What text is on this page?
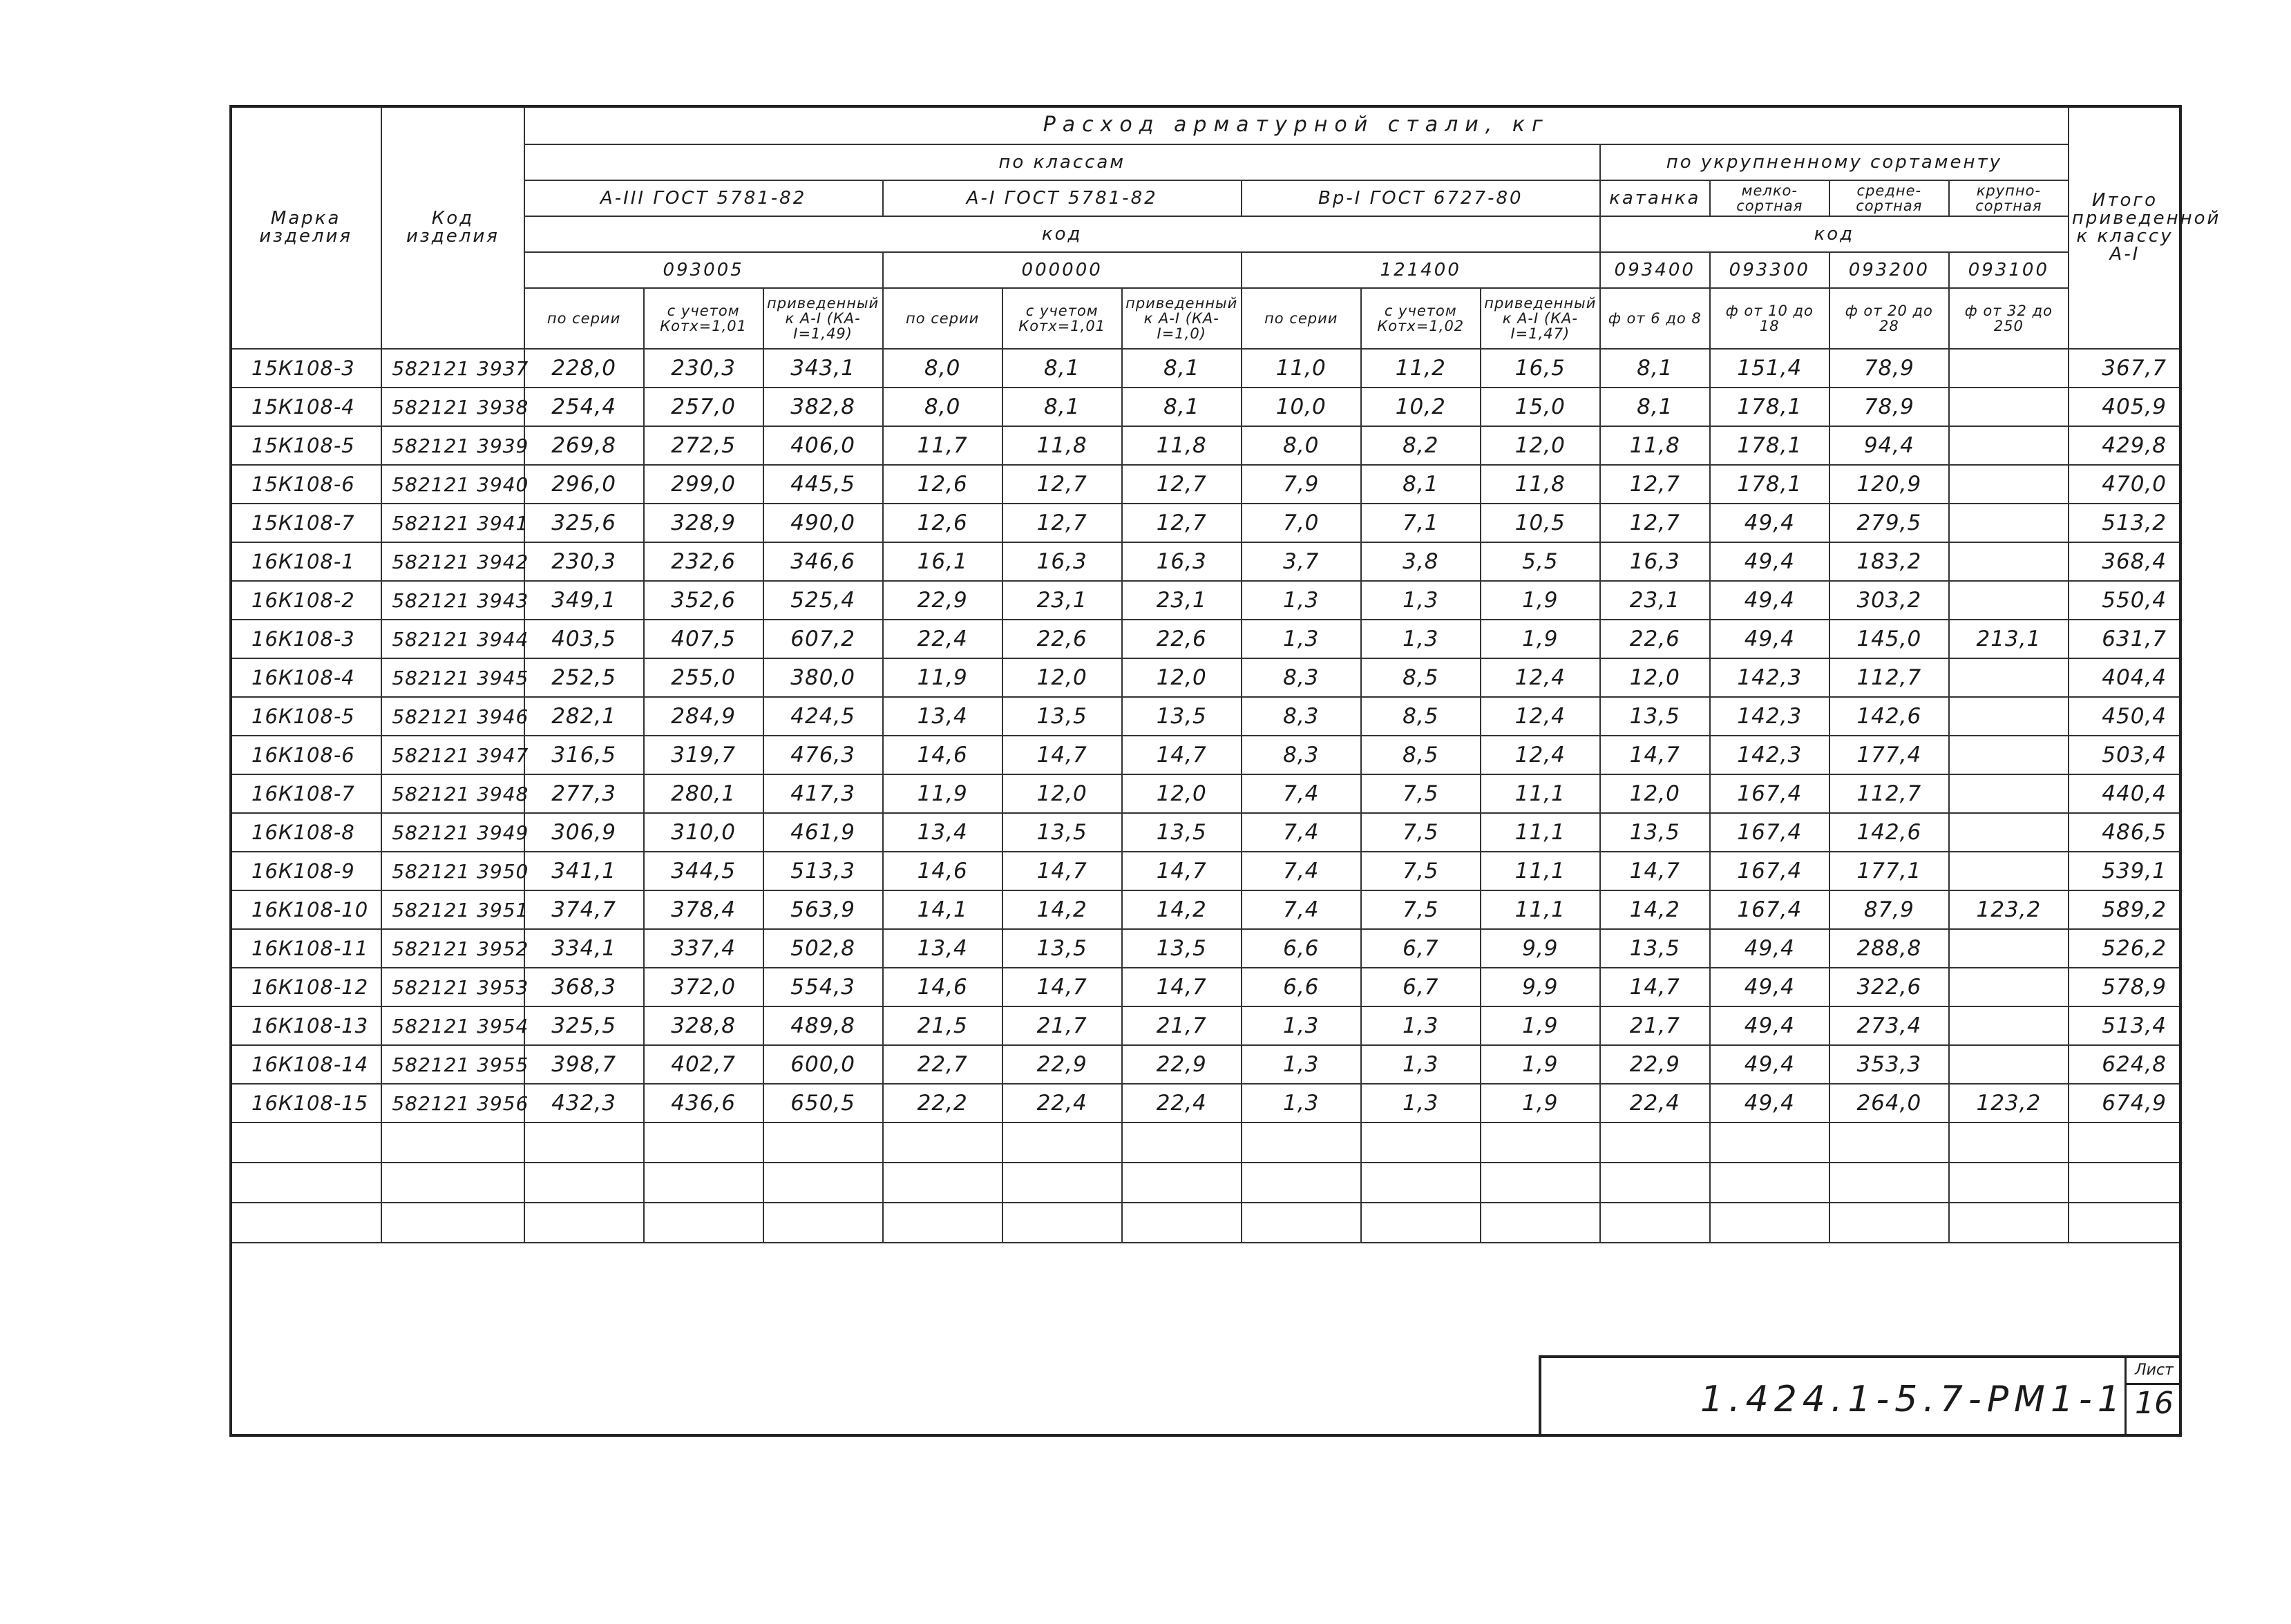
Марка изделия	Код изделия	Расход арматурной стали, кг													Итого приведенной к классу А-I
		по классам									по укрупненному сортаменту				
		А-III ГОСТ 5781-82			А-I ГОСТ 5781-82			Вр-I ГОСТ 6727-80			катанка	мелко-сортная	средне-сортная	крупно-сортная	
		код									код				
		093005			000000			121400			093400	093300	093200	093100	
		по серии	с учетом Котх=1,01	приведенный к А-I (КА-I=1,49)	по серии	с учетом Котх=1,01	приведенный к А-I (КА-I=1,0)	по серии	с учетом Котх=1,02	приведенный к А-I (КА-I=1,47)	ф от 6 до 8	ф от 10 до 18	ф от 20 до 28	ф от 32 до 250	
15К108-3	582121 3937	228,0	230,3	343,1	8,0	8,1	8,1	11,0	11,2	16,5	8,1	151,4	78,9		367,7
15К108-4	582121 3938	254,4	257,0	382,8	8,0	8,1	8,1	10,0	10,2	15,0	8,1	178,1	78,9		405,9
15К108-5	582121 3939	269,8	272,5	406,0	11,7	11,8	11,8	8,0	8,2	12,0	11,8	178,1	94,4		429,8
15К108-6	582121 3940	296,0	299,0	445,5	12,6	12,7	12,7	7,9	8,1	11,8	12,7	178,1	120,9		470,0
15К108-7	582121 3941	325,6	328,9	490,0	12,6	12,7	12,7	7,0	7,1	10,5	12,7	49,4	279,5		513,2
16К108-1	582121 3942	230,3	232,6	346,6	16,1	16,3	16,3	3,7	3,8	5,5	16,3	49,4	183,2		368,4
16К108-2	582121 3943	349,1	352,6	525,4	22,9	23,1	23,1	1,3	1,3	1,9	23,1	49,4	303,2		550,4
16К108-3	582121 3944	403,5	407,5	607,2	22,4	22,6	22,6	1,3	1,3	1,9	22,6	49,4	145,0	213,1	631,7
16К108-4	582121 3945	252,5	255,0	380,0	11,9	12,0	12,0	8,3	8,5	12,4	12,0	142,3	112,7		404,4
16К108-5	582121 3946	282,1	284,9	424,5	13,4	13,5	13,5	8,3	8,5	12,4	13,5	142,3	142,6		450,4
16К108-6	582121 3947	316,5	319,7	476,3	14,6	14,7	14,7	8,3	8,5	12,4	14,7	142,3	177,4		503,4
16К108-7	582121 3948	277,3	280,1	417,3	11,9	12,0	12,0	7,4	7,5	11,1	12,0	167,4	112,7		440,4
16К108-8	582121 3949	306,9	310,0	461,9	13,4	13,5	13,5	7,4	7,5	11,1	13,5	167,4	142,6		486,5
16К108-9	582121 3950	341,1	344,5	513,3	14,6	14,7	14,7	7,4	7,5	11,1	14,7	167,4	177,1		539,1
16К108-10	582121 3951	374,7	378,4	563,9	14,1	14,2	14,2	7,4	7,5	11,1	14,2	167,4	87,9	123,2	589,2
16К108-11	582121 3952	334,1	337,4	502,8	13,4	13,5	13,5	6,6	6,7	9,9	13,5	49,4	288,8		526,2
16К108-12	582121 3953	368,3	372,0	554,3	14,6	14,7	14,7	6,6	6,7	9,9	14,7	49,4	322,6		578,9
16К108-13	582121 3954	325,5	328,8	489,8	21,5	21,7	21,7	1,3	1,3	1,9	21,7	49,4	273,4		513,4
16К108-14	582121 3955	398,7	402,7	600,0	22,7	22,9	22,9	1,3	1,3	1,9	22,9	49,4	353,3		624,8
16К108-15	582121 3956	432,3	436,6	650,5	22,2	22,4	22,4	1,3	1,3	1,9	22,4	49,4	264,0	123,2	674,9

1.424.1-5.7-РМ1-1
Лист
16
